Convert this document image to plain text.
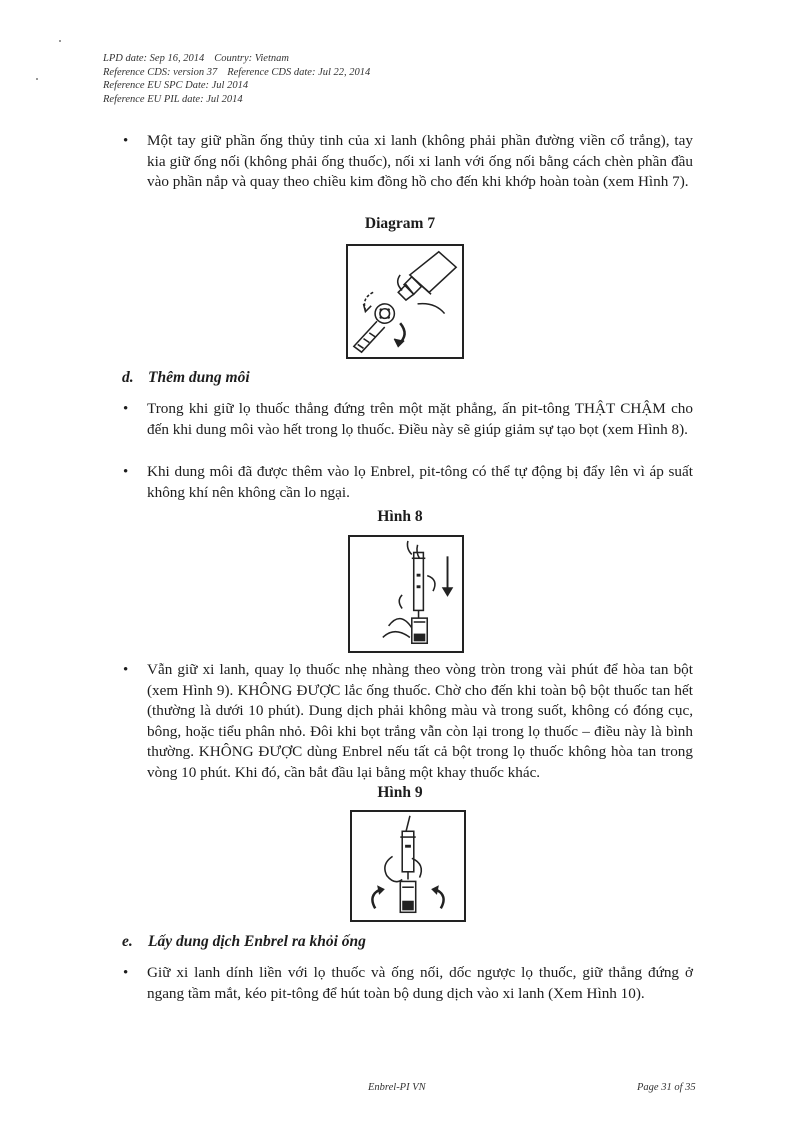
LPD date: Sep 16, 2014 Country: Vietnam
Reference CDS: version 37 Reference CDS date: Jul 22, 2014
Reference EU SPC Date: Jul 2014
Reference EU PIL date: Jul 2014
• Một tay giữ phần ống thủy tinh của xi lanh (không phải phần đường viền cổ trắng), tay kia giữ ống nối (không phải ống thuốc), nối xi lanh với ống nối bằng cách chèn phần đầu vào phần nắp và quay theo chiều kim đồng hồ cho đến khi khớp hoàn toàn (xem Hình 7).

Diagram 7
d. Thêm dung môi
• Trong khi giữ lọ thuốc thẳng đứng trên một mặt phẳng, ấn pit-tông THẬT CHẬM cho đến khi dung môi vào hết trong lọ thuốc. Điều này sẽ giúp giảm sự tạo bọt (xem Hình 8).

• Khi dung môi đã được thêm vào lọ Enbrel, pit-tông có thể tự động bị đẩy lên vì áp suất không khí nên không cần lo ngại.

Hình 8
• Vẫn giữ xi lanh, quay lọ thuốc nhẹ nhàng theo vòng tròn trong vài phút để hòa tan bột (xem Hình 9). KHÔNG ĐƯỢC lắc ống thuốc. Chờ cho đến khi toàn bộ bột thuốc tan hết (thường là dưới 10 phút). Dung dịch phải không màu và trong suốt, không có đóng cục, bông, hoặc tiểu phân nhỏ. Đôi khi bọt trắng vẫn còn lại trong lọ thuốc – điều này là bình thường. KHÔNG ĐƯỢC dùng Enbrel nếu tất cả bột trong lọ thuốc không hòa tan trong vòng 10 phút. Khi đó, cần bắt đầu lại bằng một khay thuốc khác.

Hình 9
e. Lấy dung dịch Enbrel ra khỏi ống
• Giữ xi lanh dính liền với lọ thuốc và ống nối, dốc ngược lọ thuốc, giữ thẳng đứng ở ngang tầm mắt, kéo pit-tông để hút toàn bộ dung dịch vào xi lanh (Xem Hình 10).

Enbrel-PI VN	Page 31 of 35
